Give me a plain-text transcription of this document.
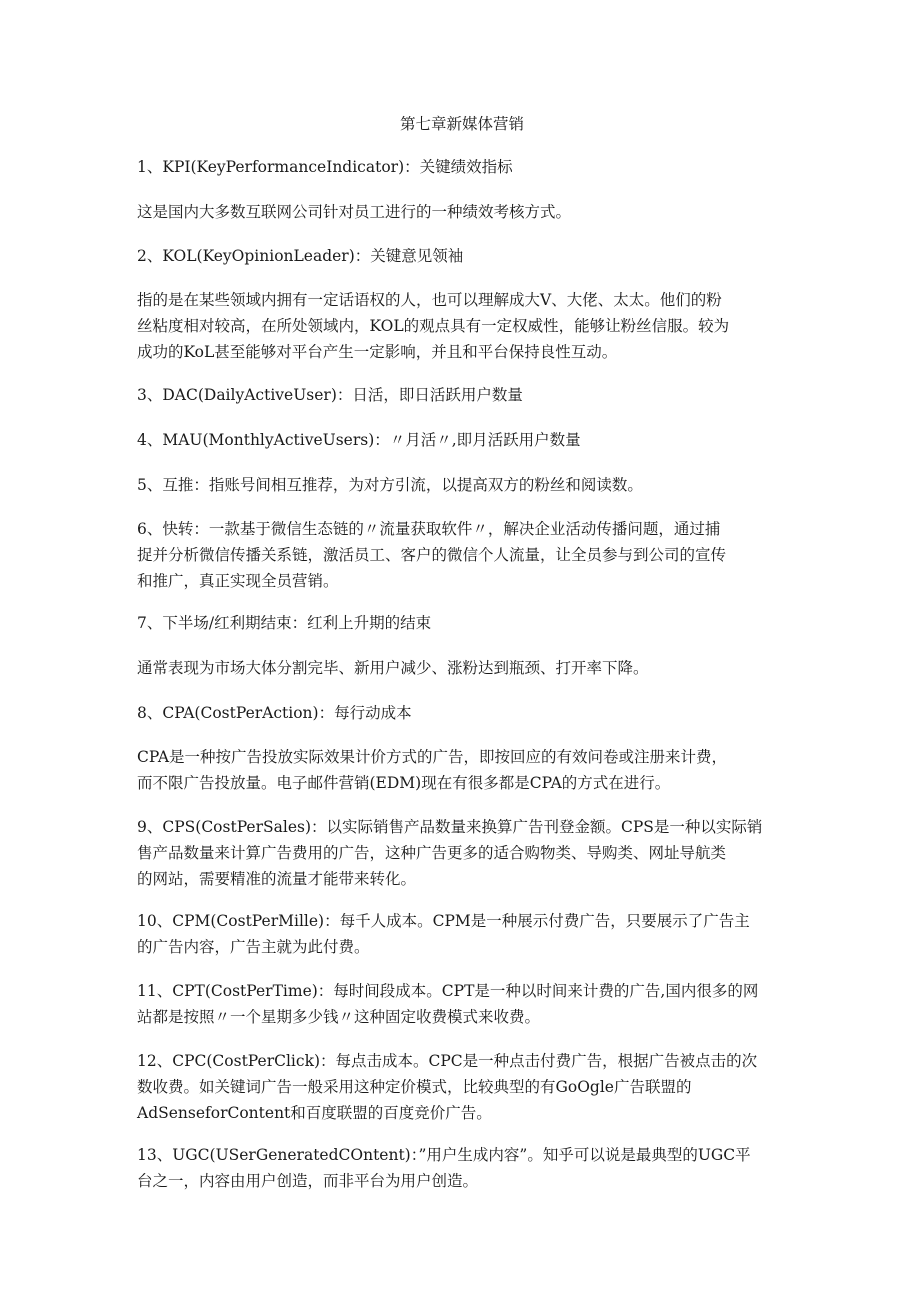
第七章新媒体营销

1、KPI(KeyPerformanceIndicator)：关键绩效指标

这是国内大多数互联网公司针对员工进行的一种绩效考核方式。

2、KOL(KeyOpinionLeader)：关键意见领袖

指的是在某些领域内拥有一定话语权的人，也可以理解成大V、大佬、太太。他们的粉

丝粘度相对较高，在所处领域内，KOL的观点具有一定权威性，能够让粉丝信服。较为

成功的KoL甚至能够对平台产生一定影响，并且和平台保持良性互动。

3、DAC(DailyActiveUser)：日活，即日活跃用户数量

4、MAU(MonthlyActiveUsers)：〃月活〃,即月活跃用户数量

5、互推：指账号间相互推荐，为对方引流，以提高双方的粉丝和阅读数。

6、快转：一款基于微信生态链的〃流量获取软件〃，解决企业活动传播问题，通过捕

捉并分析微信传播关系链，激活员工、客户的微信个人流量，让全员参与到公司的宣传

和推广，真正实现全员营销。

7、下半场/红利期结束：红利上升期的结束

通常表现为市场大体分割完毕、新用户减少、涨粉达到瓶颈、打开率下降。

8、CPA(CostPerAction)：每行动成本

CPA是一种按广告投放实际效果计价方式的广告，即按回应的有效问卷或注册来计费，

而不限广告投放量。电子邮件营销(EDM)现在有很多都是CPA的方式在进行。

9、CPS(CostPerSales)：以实际销售产品数量来换算广告刊登金额。CPS是一种以实际销

售产品数量来计算广告费用的广告，这种广告更多的适合购物类、导购类、网址导航类

的网站，需要精准的流量才能带来转化。

10、CPM(CostPerMille)：每千人成本。CPM是一种展示付费广告，只要展示了广告主

的广告内容，广告主就为此付费。

11、CPT(CostPerTime)：每时间段成本。CPT是一种以时间来计费的广告,国内很多的网

站都是按照〃一个星期多少钱〃这种固定收费模式来收费。

12、CPC(CostPerClick)：每点击成本。CPC是一种点击付费广告，根据广告被点击的次

数收费。如关键词广告一般采用这种定价模式，比较典型的有GoOgle广告联盟的

AdSenseforContent和百度联盟的百度竞价广告。

13、UGC(USerGeneratedCOntent)：”用户生成内容”。知乎可以说是最典型的UGC平

台之一，内容由用户创造，而非平台为用户创造。
